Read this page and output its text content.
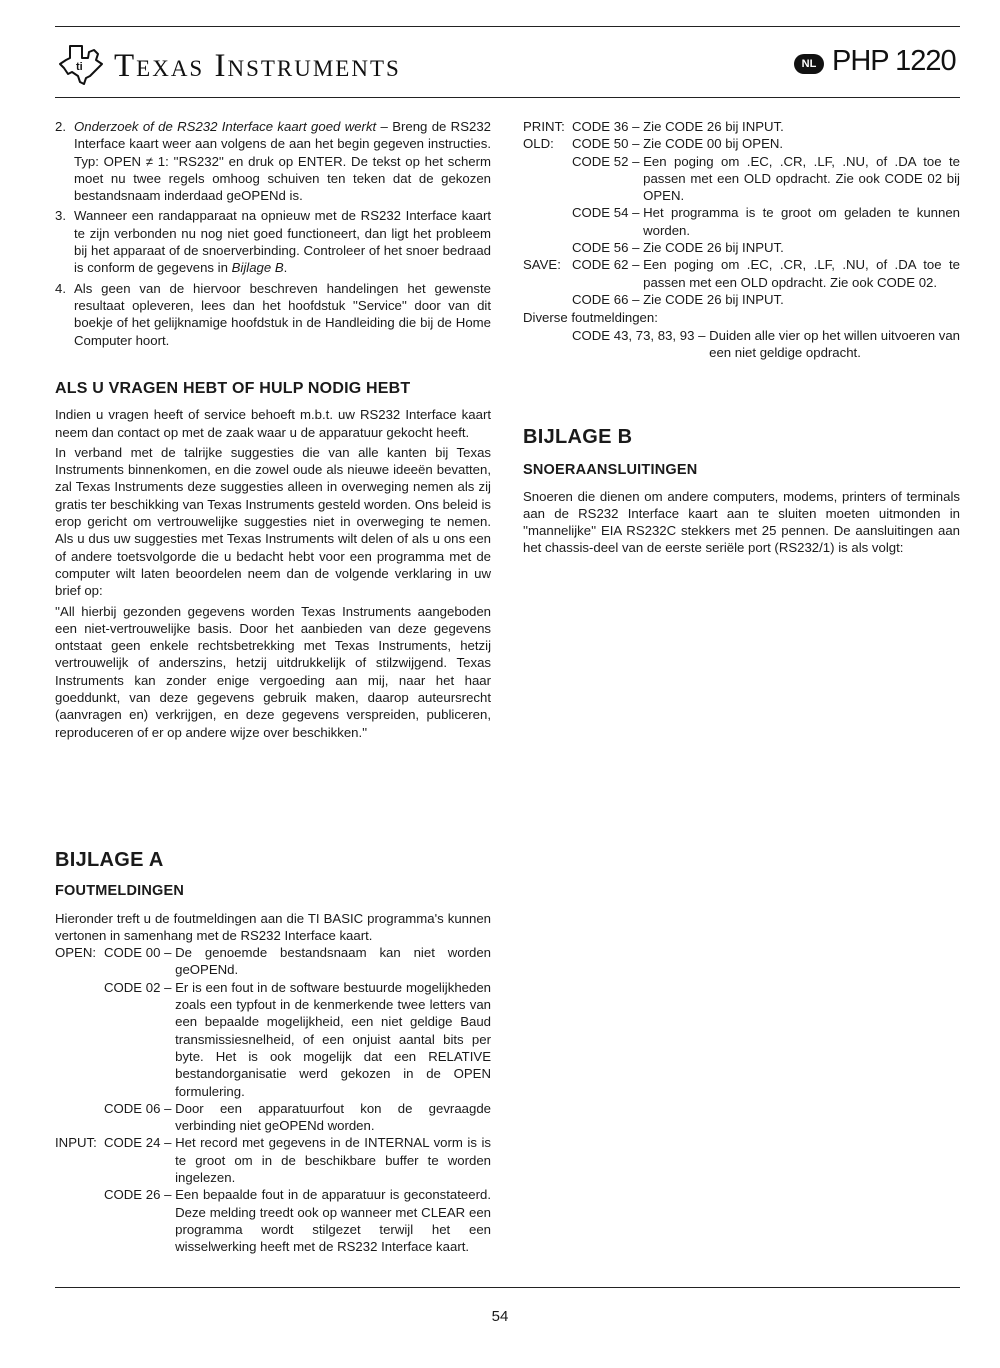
ti Texas Instruments	NL PHP 1220
2. Onderzoek of de RS232 Interface kaart goed werkt – Breng de RS232 Interface kaart weer aan volgens de aan het begin gegeven instructies. Typ: OPEN ≠ 1: ''RS232'' en druk op ENTER. De tekst op het scherm moet nu twee regels omhoog schuiven ten teken dat de gekozen bestandsnaam inderdaad geOPENd is.
3. Wanneer een randapparaat na opnieuw met de RS232 Interface kaart te zijn verbonden nu nog niet goed functioneert, dan ligt het probleem bij het apparaat of de snoerverbinding. Controleer of het snoer bedraad is conform de gegevens in Bijlage B.
4. Als geen van de hiervoor beschreven handelingen het gewenste resultaat opleveren, lees dan het hoofdstuk ''Service'' door van dit boekje of het gelijknamige hoofdstuk in de Handleiding die bij de Home Computer hoort.
ALS U VRAGEN HEBT OF HULP NODIG HEBT

Indien u vragen heeft of service behoeft m.b.t. uw RS232 Interface kaart neem dan contact op met de zaak waar u de apparatuur gekocht heeft.

In verband met de talrijke suggesties die van alle kanten bij Texas Instruments binnenkomen, en die zowel oude als nieuwe ideeën bevatten, zal Texas Instruments deze suggesties alleen in overweging nemen als zij gratis ter beschikking van Texas Instruments gesteld worden. Ons beleid is erop gericht om vertrouwelijke suggesties niet in overweging te nemen. Als u dus uw suggesties met Texas Instruments wilt delen of als u ons een of andere toetsvolgorde die u bedacht hebt voor een programma met de computer wilt laten beoordelen neem dan de volgende verklaring in uw brief op:

''All hierbij gezonden gegevens worden Texas Instruments aangeboden een niet-vertrouwelijke basis. Door het aanbieden van deze gegevens ontstaat geen enkele rechtsbetrekking met Texas Instruments, hetzij vertrouwelijk of anderszins, hetzij uitdrukkelijk of stilzwijgend. Texas Instruments kan zonder enige vergoeding aan mij, naar het haar goeddunkt, van deze gegevens gebruik maken, daarop auteursrecht (aanvragen en) verkrijgen, en deze gegevens verspreiden, publiceren, reproduceren of er op andere wijze over beschikken.''

BIJLAGE A
FOUTMELDINGEN

Hieronder treft u de foutmeldingen aan die TI BASIC programma's kunnen vertonen in samenhang met de RS232 Interface kaart.

OPEN: CODE 00 – De genoemde bestandsnaam kan niet worden geOPENd.
CODE 02 – Er is een fout in de software bestuurde mogelijkheden zoals een typfout in de kenmerkende twee letters van een bepaalde mogelijkheid, een niet geldige Baud transmissiesnelheid, of een onjuist aantal bits per byte. Het is ook mogelijk dat een RELATIVE bestandorganisatie werd gekozen in de OPEN formulering.
CODE 06 – Door een apparatuurfout kon de gevraagde verbinding niet geOPENd worden.
INPUT: CODE 24 – Het record met gegevens in de INTERNAL vorm is is te groot om in de beschikbare buffer te worden ingelezen.
CODE 26 – Een bepaalde fout in de apparatuur is geconstateerd. Deze melding treedt ook op wanneer met CLEAR een programma wordt stilgezet terwijl het een wisselwerking heeft met de RS232 Interface kaart.
PRINT: CODE 36 – Zie CODE 26 bij INPUT.
OLD:	CODE 50 – Zie CODE 00 bij OPEN.
CODE 52 – Een poging om .EC, .CR, .LF, .NU, of .DA toe te passen met een OLD opdracht. Zie ook CODE 02 bij OPEN.
CODE 54 – Het programma is te groot om geladen te kunnen worden.
CODE 56 – Zie CODE 26 bij INPUT.
SAVE: CODE 62 – Een poging om .EC, .CR, .LF, .NU, of .DA toe te passen met een OLD opdracht. Zie ook CODE 02.
CODE 66 – Zie CODE 26 bij INPUT.
Diverse foutmeldingen:
CODE 43, 73, 83, 93 – Duiden alle vier op het willen uitvoeren van een niet geldige opdracht.
BIJLAGE B
SNOERAANSLUITINGEN

Snoeren die dienen om andere computers, modems, printers of terminals aan de RS232 Interface kaart aan te sluiten moeten uitmonden in ''mannelijke'' EIA RS232C stekkers met 25 pennen. De aansluitingen aan het chassis-deel van de eerste seriële port (RS232/1) is als volgt:

54
